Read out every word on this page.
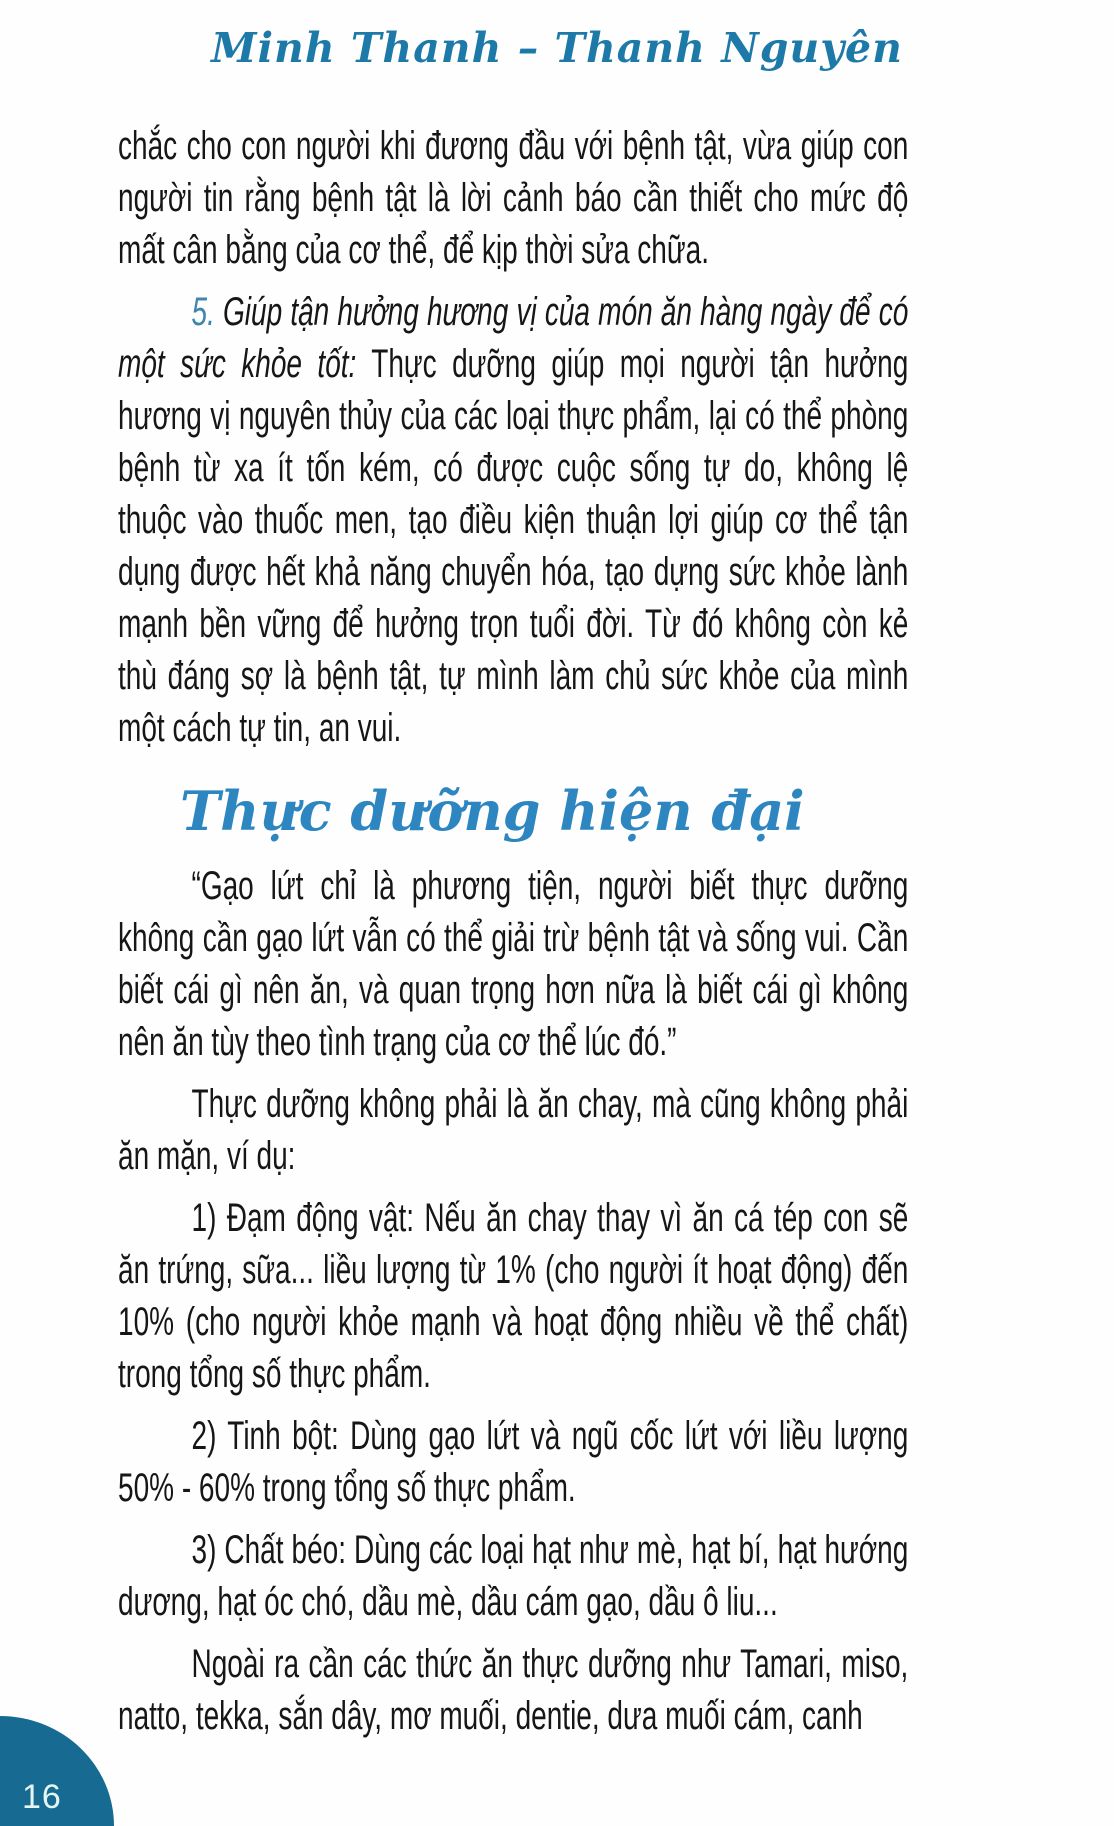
Minh Thanh – Thanh Nguyên

chắc cho con người khi đương đầu với bệnh tật, vừa giúp con người tin rằng bệnh tật là lời cảnh báo cần thiết cho mức độ mất cân bằng của cơ thể, để kịp thời sửa chữa.

5. Giúp tận hưởng hương vị của món ăn hàng ngày để có một sức khỏe tốt: Thực dưỡng giúp mọi người tận hưởng hương vị nguyên thủy của các loại thực phẩm, lại có thể phòng bệnh từ xa ít tốn kém, có được cuộc sống tự do, không lệ thuộc vào thuốc men, tạo điều kiện thuận lợi giúp cơ thể tận dụng được hết khả năng chuyển hóa, tạo dựng sức khỏe lành mạnh bền vững để hưởng trọn tuổi đời. Từ đó không còn kẻ thù đáng sợ là bệnh tật, tự mình làm chủ sức khỏe của mình một cách tự tin, an vui.

Thực dưỡng hiện đại

“Gạo lứt chỉ là phương tiện, người biết thực dưỡng không cần gạo lứt vẫn có thể giải trừ bệnh tật và sống vui. Cần biết cái gì nên ăn, và quan trọng hơn nữa là biết cái gì không nên ăn tùy theo tình trạng của cơ thể lúc đó.”

Thực dưỡng không phải là ăn chay, mà cũng không phải ăn mặn, ví dụ:

1) Đạm động vật: Nếu ăn chay thay vì ăn cá tép con sẽ ăn trứng, sữa... liều lượng từ 1% (cho người ít hoạt động) đến 10% (cho người khỏe mạnh và hoạt động nhiều về thể chất) trong tổng số thực phẩm.

2) Tinh bột: Dùng gạo lứt và ngũ cốc lứt với liều lượng 50% - 60% trong tổng số thực phẩm.

3) Chất béo: Dùng các loại hạt như mè, hạt bí, hạt hướng dương, hạt óc chó, dầu mè, dầu cám gạo, dầu ô liu...

Ngoài ra cần các thức ăn thực dưỡng như Tamari, miso, natto, tekka, sắn dây, mơ muối, dentie, dưa muối cám, canh

16
